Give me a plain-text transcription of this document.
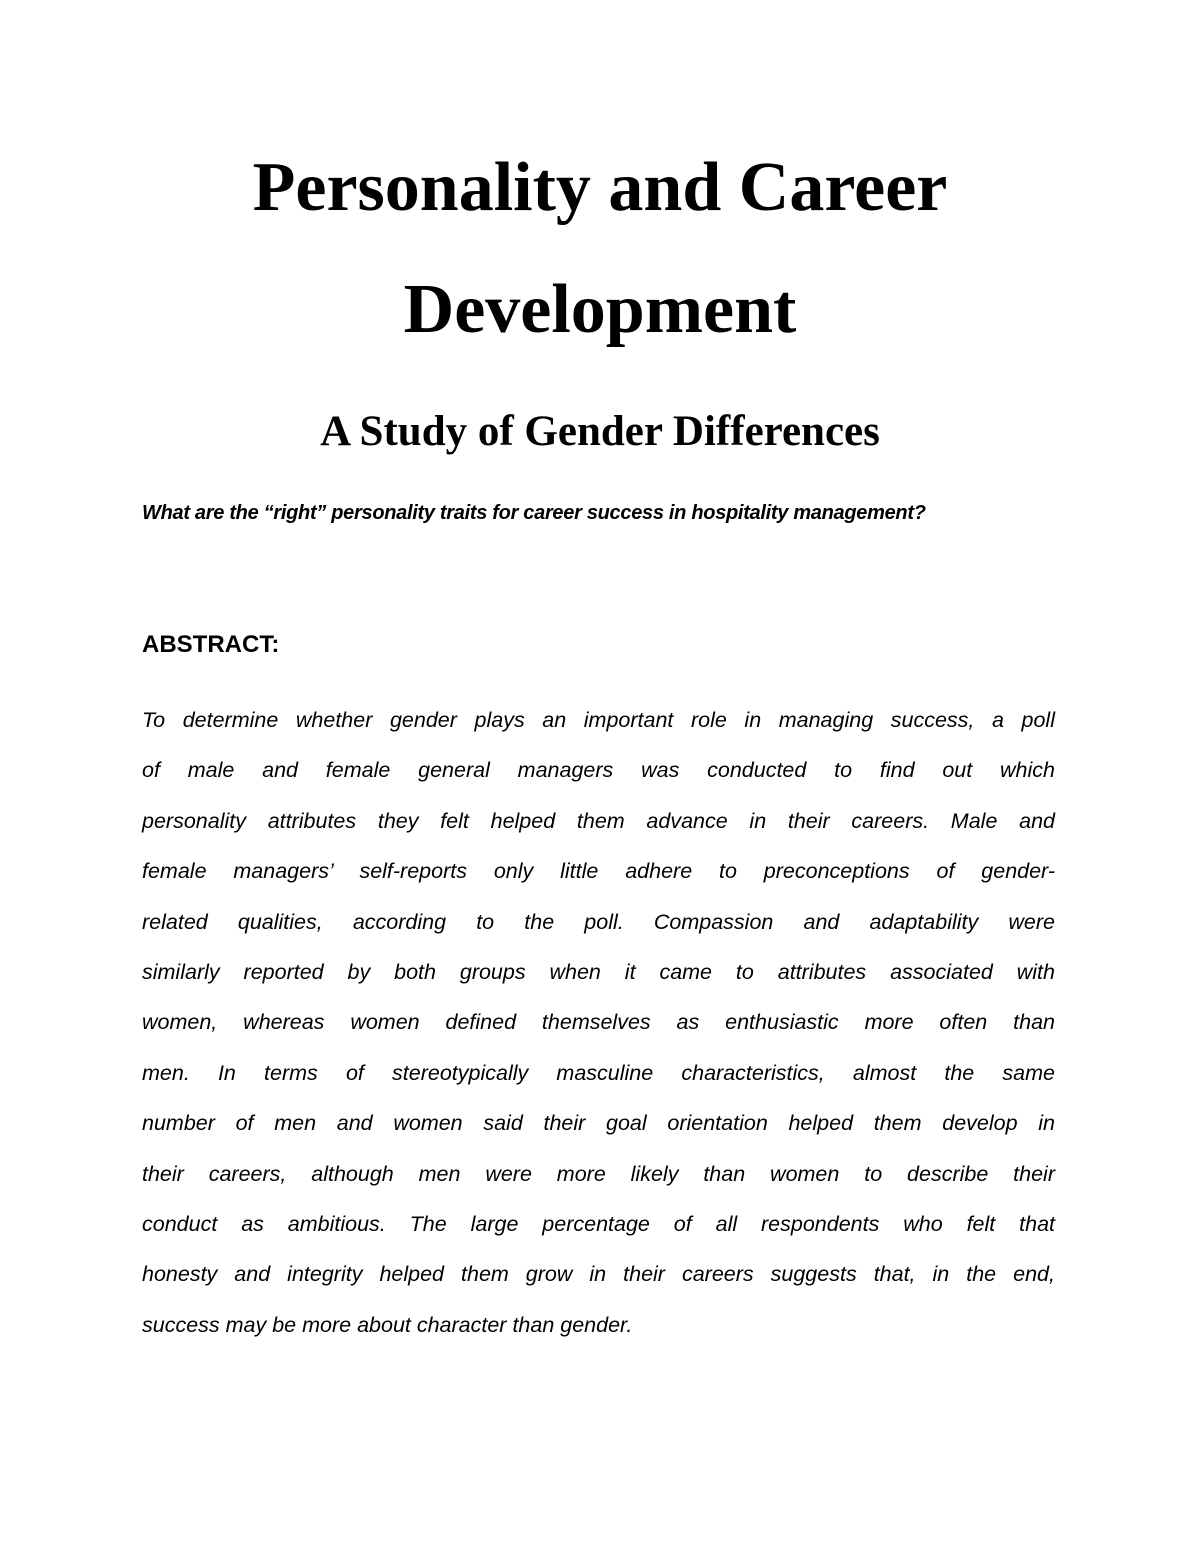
Personality and Career
Development
A Study of Gender Differences

What are the “right” personality traits for career success in hospitality management?

ABSTRACT:
To determine whether gender plays an important role in managing success, a poll
of male and female general managers was conducted to find out which
personality attributes they felt helped them advance in their careers. Male and
female managers’ self-reports only little adhere to preconceptions of gender-
related qualities, according to the poll. Compassion and adaptability were
similarly reported by both groups when it came to attributes associated with
women, whereas women defined themselves as enthusiastic more often than
men. In terms of stereotypically masculine characteristics, almost the same
number of men and women said their goal orientation helped them develop in
their careers, although men were more likely than women to describe their
conduct as ambitious. The large percentage of all respondents who felt that
honesty and integrity helped them grow in their careers suggests that, in the end,
success may be more about character than gender.
